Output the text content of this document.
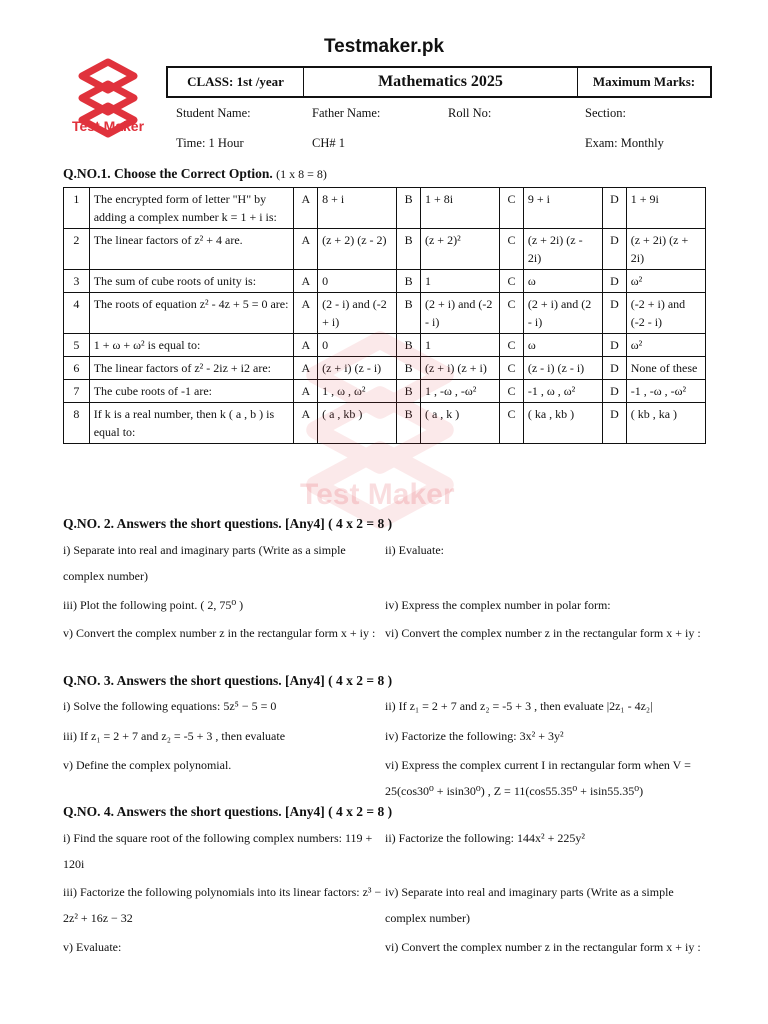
Testmaker.pk
Test Maker
CLASS: 1st /year	Mathematics 2025	Maximum Marks:
Student Name:	Father Name:	Roll No:	Section:
Time: 1 Hour	CH# 1	Exam: Monthly
Q.NO.1. Choose the Correct Option. (1 x 8 = 8)
1	The encrypted form of letter "H" by adding a complex number k = 1 + i is:	A	8 + i	B	1 + 8i	C	9 + i	D	1 + 9i
2	The linear factors of z² + 4 are.	A	(z + 2) (z - 2)	B	(z + 2)²	C	(z + 2i) (z - 2i)	D	(z + 2i) (z + 2i)
3	The sum of cube roots of unity is:	A	0	B	1	C	ω	D	ω²
4	The roots of equation z² - 4z + 5 = 0 are:	A	(2 - i) and (-2 + i)	B	(2 + i) and (-2 - i)	C	(2 + i) and (2 - i)	D	(-2 + i) and (-2 - i)
5	1 + ω + ω² is equal to:	A	0	B	1	C	ω	D	ω²
6	The linear factors of z² - 2iz + i2 are:	A	(z + i) (z - i)	B	(z + i) (z + i)	C	(z - i) (z - i)	D	None of these
7	The cube roots of -1 are:	A	1 , ω , ω²	B	1 , -ω , -ω²	C	-1 , ω , ω²	D	-1 , -ω , -ω²
8	If k is a real number, then k ( a , b ) is equal to:	A	( a , kb )	B	( a , k )	C	( ka , kb )	D	( kb , ka )
Test Maker
Q.NO. 2. Answers the short questions. [Any4] ( 4 x 2 = 8 )
i) Separate into real and imaginary parts (Write as a simple complex number)
ii) Evaluate:
iii) Plot the following point. ( 2, 75⁰ )	iv) Express the complex number in polar form:
v) Convert the complex number z in the rectangular form x + iy : vi) Convert the complex number z in the rectangular form x + iy :
Q.NO. 3. Answers the short questions. [Any4] ( 4 x 2 = 8 )
i) Solve the following equations: 5z⁵ − 5 = 0	ii) If z₁ = 2 + 7 and z₂ = -5 + 3 , then evaluate |2z₁ - 4z₂|
iii) If z₁ = 2 + 7 and z₂ = -5 + 3 , then evaluate	iv) Factorize the following: 3x² + 3y²
v) Define the complex polynomial.	vi) Express the complex current I in rectangular form when V = 25(cos30⁰ + isin30⁰) , Z = 11(cos55.35⁰ + isin55.35⁰)
Q.NO. 4. Answers the short questions. [Any4] ( 4 x 2 = 8 )
i) Find the square root of the following complex numbers: 119 + 120i
ii) Factorize the following: 144x² + 225y²
iii) Factorize the following polynomials into its linear factors: z³ − 2z² + 16z − 32
iv) Separate into real and imaginary parts (Write as a simple complex number)
v) Evaluate:	vi) Convert the complex number z in the rectangular form x + iy :
